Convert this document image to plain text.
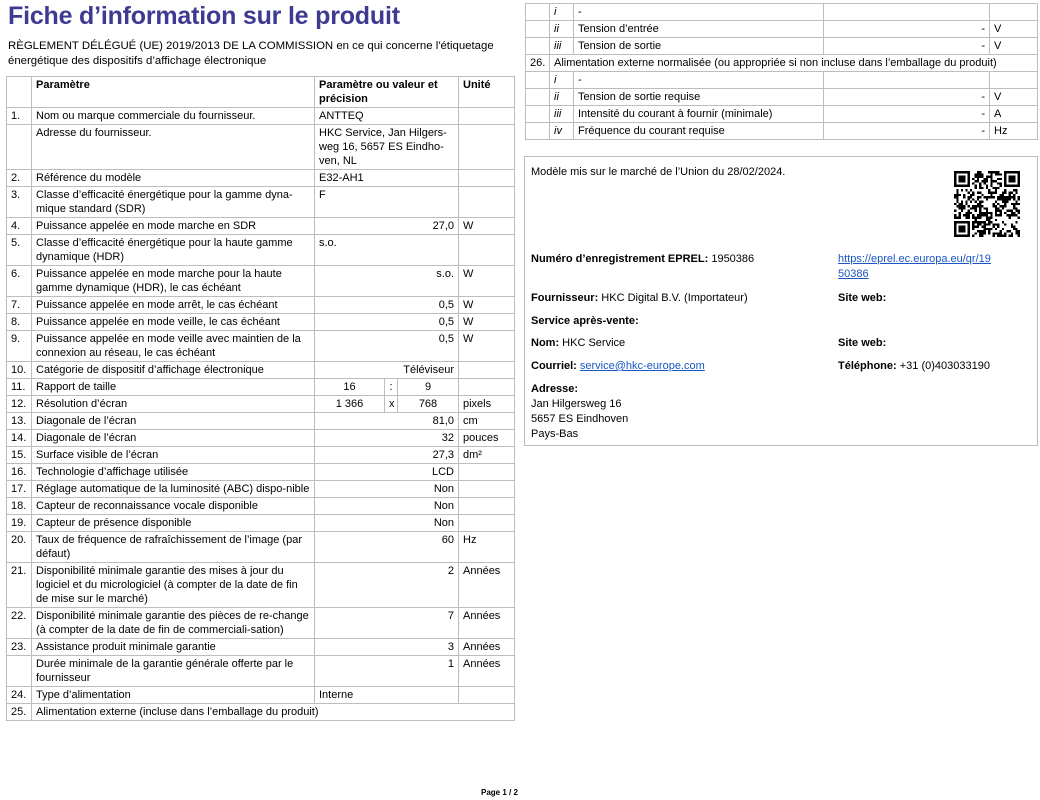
Fiche d’information sur le produit
RÈGLEMENT DÉLÉGUÉ (UE) 2019/2013 DE LA COMMISSION en ce qui concerne l'étiquetage énergétique des dispositifs d’affichage électronique
	Paramètre	Paramètre ou valeur et précision			Unité
1.	Nom ou marque commerciale du fournisseur.	ANTTEQ			
	Adresse du fournisseur.	HKC Service, Jan Hilgers-weg 16, 5657 ES Eindho-ven, NL			
2.	Référence du modèle	E32-AH1			
3.	Classe d’efficacité énergétique pour la gamme dyna-mique standard (SDR)	F			
4.	Puissance appelée en mode marche en SDR	27,0			W
5.	Classe d’efficacité énergétique pour la haute gamme dynamique (HDR)	s.o.			
6.	Puissance appelée en mode marche pour la haute gamme dynamique (HDR), le cas échéant	s.o.			W
7.	Puissance appelée en mode arrêt, le cas échéant	0,5			W
8.	Puissance appelée en mode veille, le cas échéant	0,5			W
9.	Puissance appelée en mode veille avec maintien de la connexion au réseau, le cas échéant	0,5			W
10.	Catégorie de dispositif d’affichage électronique	Téléviseur			
11.	Rapport de taille	16	:	9	
12.	Résolution d’écran	1 366	x	768	pixels
13.	Diagonale de l’écran	81,0			cm
14.	Diagonale de l’écran	32			pouces
15.	Surface visible de l’écran	27,3			dm²
16.	Technologie d’affichage utilisée	LCD			
17.	Réglage automatique de la luminosité (ABC) dispo-nible	Non			
18.	Capteur de reconnaissance vocale disponible	Non			
19.	Capteur de présence disponible	Non			
20.	Taux de fréquence de rafraîchissement de l’image (par défaut)	60			Hz
21.	Disponibilité minimale garantie des mises à jour du logiciel et du micrologiciel (à compter de la date de fin de mise sur le marché)	2			Années
22.	Disponibilité minimale garantie des pièces de re-change (à compter de la date de fin de commerciali-sation)	7			Années
23.	Assistance produit minimale garantie	3			Années
	Durée minimale de la garantie générale offerte par le fournisseur	1			Années
24.	Type d’alimentation	Interne			
25.	Alimentation externe (incluse dans l’emballage du produit)				
	i	-		
	ii	Tension d’entrée	-	V
	iii	Tension de sortie	-	V
26.	Alimentation externe normalisée (ou appropriée si non incluse dans l’emballage du produit)			
	i	-		
	ii	Tension de sortie requise	-	V
	iii	Intensité du courant à fournir (minimale)	-	A
	iv	Fréquence du courant requise	-	Hz
Modèle mis sur le marché de l’Union du 28/02/2024.
Numéro d’enregistrement EPREL: 1950386	https://eprel.ec.europa.eu/qr/19
50386
Fournisseur: HKC Digital B.V. (Importateur)	Site web:
Service après-vente:
Nom: HKC Service	Site web:
Courriel: service@hkc-europe.com	Téléphone: +31 (0)403033190
Adresse:
Jan Hilgersweg 16
5657 ES Eindhoven
Pays-Bas
Page 1 / 2
